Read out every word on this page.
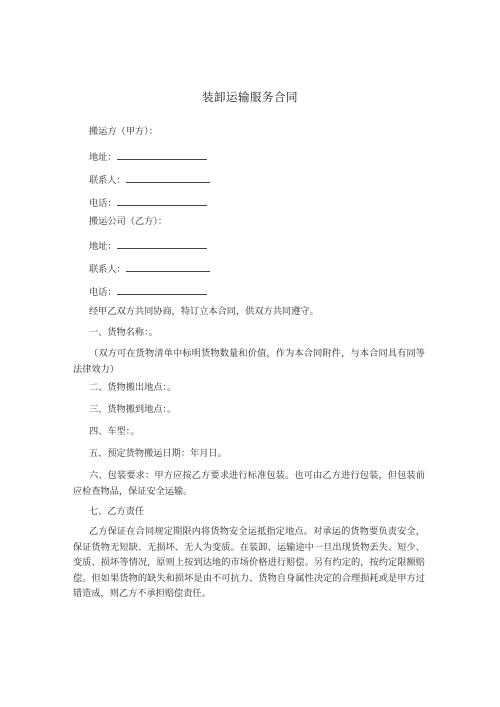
装卸运输服务合同
搬运方（甲方）：
地址：
联系人：
电话：
搬运公司（乙方）：
地址：
联系人：
电话：
经甲乙双方共同协商，特订立本合同，供双方共同遵守。
一、货物名称：。
（双方可在货物清单中标明货物数量和价值，作为本合同附件，与本合同具有同等法律效力）
二、货物搬出地点：。
三、货物搬到地点：。
四、车型：。
五、预定货物搬运日期：年月日。
六、包装要求：甲方应按乙方要求进行标准包装。也可由乙方进行包装，但包装前应检查物品，保证安全运输。
七、乙方责任
乙方保证在合同规定期限内将货物安全运抵指定地点。对承运的货物要负责安全，保证货物无短缺、无损坏、无人为变质。在装卸、运输途中一旦出现货物丢失、短少、变质、损坏等情况，原则上按到达地的市场价格进行赔偿。另有约定的，按约定限额赔偿。但如果货物的缺失和损坏是由不可抗力、货物自身属性决定的合理损耗或是甲方过错造成，则乙方不承担赔偿责任。
